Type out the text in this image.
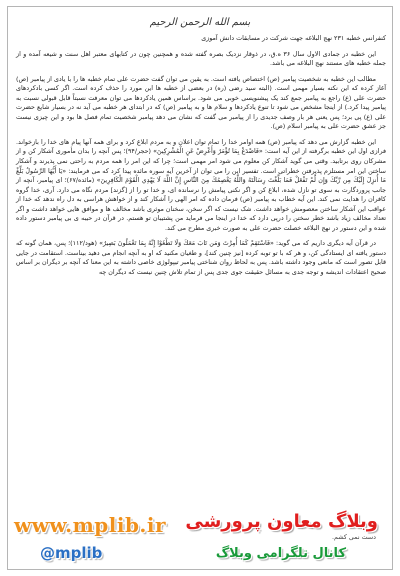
بسم الله الرحمن الرحيم

کنفرانس خطبه ۲۳۱ نهج البلاغه جهت شرکت در مسابقات دانش آموزی

این خطبه در جمادی الاول سال ۳۶ ه.ق، در ذوقار نزدیک بصره گفته شده و همچنین چون در کتابهای معتبر اهل سنت و شیعه آمده و از جمله خطبه های مستند نهج البلاغه می باشد.

مطالب این خطبه به شخصیت پیامبر (ص) اختصاص یافته است. به یقین می توان گفت حضرت علی تمام خطبه ها را با یادی از پیامبر (ص) آغاز کرده که این نکته بسیار مهمی است. (البته سید رضی (ره) در بعضی از خطبه ها این مورد را حذف کرده است. اگر کسی بادکردهای حضرت علی (ع) راجع به پیامبر جمع کند یک پیشنویسی خوبی می شود. براساس همین یادکردها می توان معرفت نسبتاً قابل قبولی نسبت به پیامبر پیدا کرد.) از اینجا مشخص می شود تا تنوع یادکردها و سلام ها و به پیامبر (ص) که در ابتدای هر خطبه می آید نه در بسیار شایع حضرت علی (ع) پی برد؛ پس یعنی هر بار وصف جدیدی را از پیامبر می گفت که نشان می دهد پیامبر شخصیت تمام فصل ها بود و این چیزی نیست جز عشق حضرت علی به پیامبر اسلام (ص).

این خطبه گزارش می دهد که پیامبر (ص) همه اوامر خدا را تمام توان اعلان و به مردم ابلاغ کرد و برای همه آنها پیام های خدا را بازخواند. فرازی اول این خطبه برگرفته از این آیه است: «فَاصْدَعْ بِمَا تُؤْمَرُ وَأَعْرِضْ عَنِ الْمُشْرِكِينَ» (حجر/۹۴)؛ پس آنچه را بدان مأموری آشکار کن و از مشرکان روی برتابید. وقتی می گوید آشکار کن معلوم می شود امر مهمی است؛ چرا که این امر را همه مردم به راحتی نمی پذیرند و آشکار ساختن این امر مستلزم پذیرفتن خطراتی است. تفسیر این را می توان از آخرین آیه سوره مائده پیدا کرد که می فرمایند: «يَا أَيُّهَا الرَّسُولُ بَلِّغْ مَا أُنزِلَ إِلَيْكَ مِن رَّبِّكَ وَإِن لَّمْ تَفْعَلْ فَمَا بَلَّغْتَ رِسَالَتَهُ وَاللَّهُ يَعْصِمُكَ مِنَ النَّاسِ إِنَّ اللَّهَ لَا يَهْدِي الْقَوْمَ الْكَافِرِينَ» (مائده/۶۷)؛ ای پیامبر، آنچه از جانب پروردگارت به سوی تو نازل شده، ابلاغ کن و اگر نکنی پیامش را نرسانده ای، و خدا تو را از [گزند] مردم نگاه می دارد. آری، خدا گروه کافران را هدایت نمی کند. این آیه خطاب به پیامبر (ص) فرمان داده که امر الهی را آشکار کند و از خواهش هراسی به دل راه ندهد که خدا از عواقب این آشکار ساختن معصومش خواهد داشت. شک نیست که اگر سخن، سخنان موثری باشد مخالف ها و موافق هایی خواهد داشت و اگر تعداد مخالف زیاد باشد خطر سختن را درپی دارد که خدا در اینجا می فرماید من پشتیبان تو هستم. در قرآن در حیبه ی بی پیامبر دستور داده شده و این دستور در نهج البلاغه خصلت حضرت علی به صورت خبری مطرح می کند.

در قرآن آیه دیگری داریم که می گوید: «فَاسْتَقِمْ كَمَا أُمِرْتَ وَمَن تَابَ مَعَكَ وَلَا تَطْغَوْا إِنَّهُ بِمَا تَعْمَلُونَ بَصِيرٌ» (هود/۱۱۲)؛ پس، همان گونه که دستور یافته ای ایستادگی کن، و هر که با تو توبه کرده [نیز چنین کند]، و طغیان مکنید که او به آنچه انجام می دهید بیناست. استقامت در جایی قابل تصور است که مانعی وجود داشته باشد. پس به لحاظ روان شناختی پیامبر تیپولوژی خاصی داشته به این معنا که آنچه بر دیگران بر اساس صحیح اعتقادات اندیشه و توجه جدی به مسائل حقیقت جوی جدی پس از تمام تلاش چنین نیست که دیگران چه

www.mplib.ir وبلاگ معاون پرورشی
@mplib	کانال تلگرامی وبلاگ
دست نمی کشم.
